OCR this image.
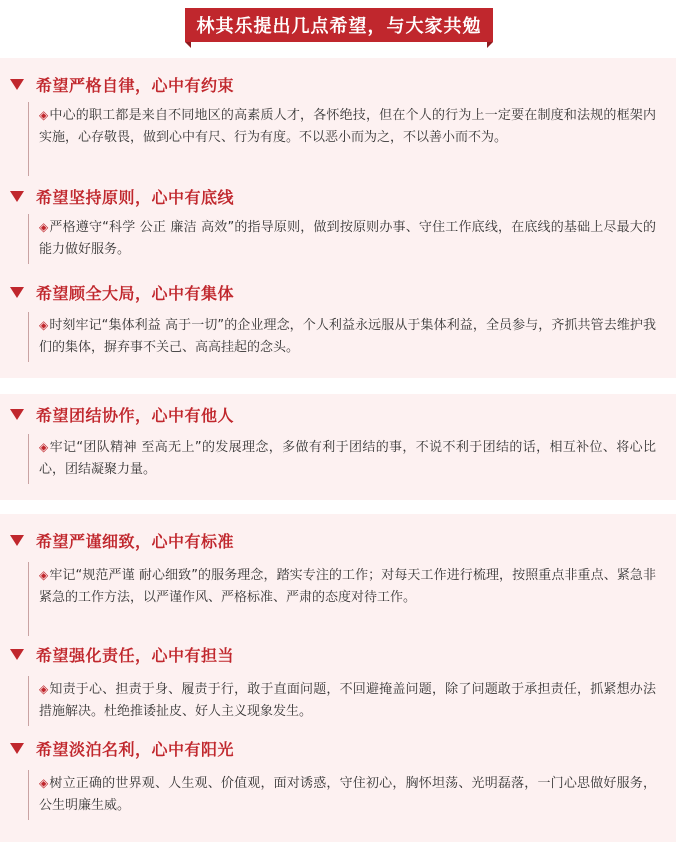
林其乐提出几点希望，与大家共勉
希望严格自律，心中有约束

◈中心的职工都是来自不同地区的高素质人才，各怀绝技，但在个人的行为上一定要在制度和法规的框架内实施，心存敬畏，做到心中有尺、行为有度。不以恶小而为之，不以善小而不为。

希望坚持原则，心中有底线

◈严格遵守“科学 公正 廉洁 高效”的指导原则，做到按原则办事、守住工作底线，在底线的基础上尽最大的能力做好服务。

希望顾全大局，心中有集体

◈时刻牢记“集体利益 高于一切”的企业理念，个人利益永远服从于集体利益，全员参与，齐抓共管去维护我们的集体，摒弃事不关己、高高挂起的念头。

希望团结协作，心中有他人

◈牢记“团队精神 至高无上”的发展理念，多做有利于团结的事，不说不利于团结的话，相互补位、将心比心，团结凝聚力量。

希望严谨细致，心中有标准

◈牢记“规范严谨 耐心细致”的服务理念，踏实专注的工作；对每天工作进行梳理，按照重点非重点、紧急非紧急的工作方法，以严谨作风、严格标准、严肃的态度对待工作。

希望强化责任，心中有担当

◈知责于心、担责于身、履责于行，敢于直面问题，不回避掩盖问题，除了问题敢于承担责任，抓紧想办法措施解决。杜绝推诿扯皮、好人主义现象发生。

希望淡泊名利，心中有阳光

◈树立正确的世界观、人生观、价值观，面对诱惑，守住初心，胸怀坦荡、光明磊落，一门心思做好服务，公生明廉生威。
